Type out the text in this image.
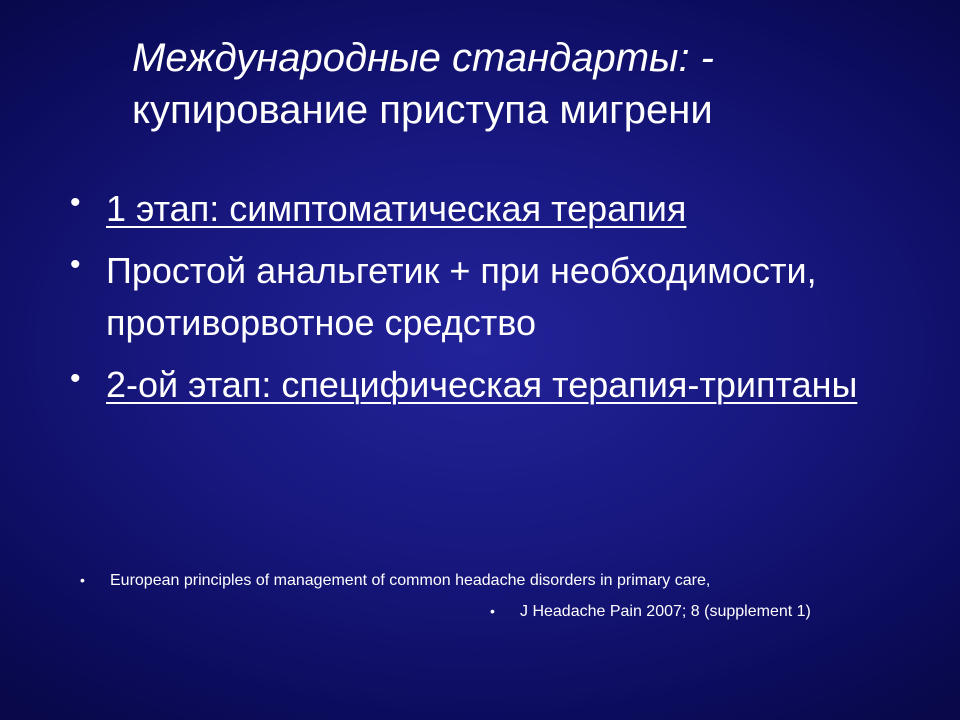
Международные стандарты: -
купирование приступа мигрени
• 1 этап: симптоматическая терапия
• Простой анальгетик + при необходимости, противорвотное средство
• 2-ой этап: специфическая терапия-триптаны
• European principles of management of common headache disorders in primary care,
• J Headache Pain 2007; 8 (supplement 1)
